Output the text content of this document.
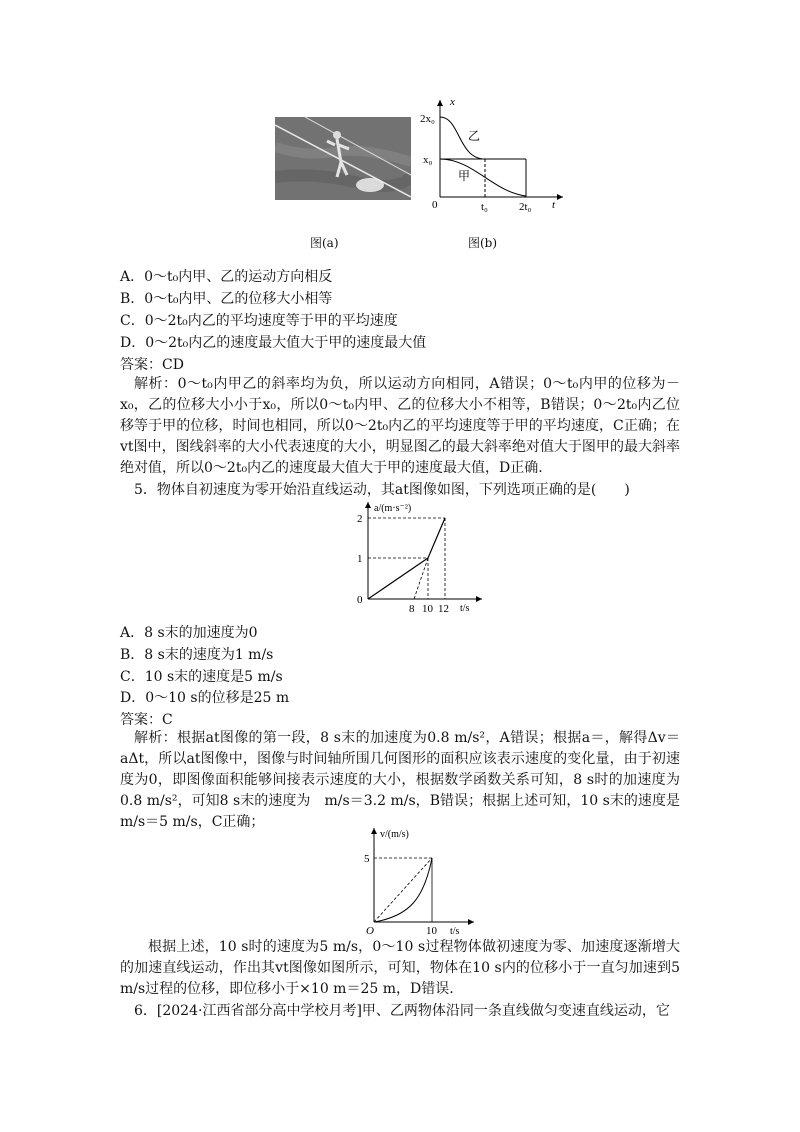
图(a)
x
t
2x₀
x₀
0	t₀	2t₀
乙
甲
图(b)
A．0～t₀内甲、乙的运动方向相反
B．0～t₀内甲、乙的位移大小相等
C．0～2t₀内乙的平均速度等于甲的平均速度
D．0～2t₀内乙的速度最大值大于甲的速度最大值
答案：CD
解析：0～t₀内甲乙的斜率均为负，所以运动方向相同，A错误；0～t₀内甲的位移为－x₀，乙的位移大小小于x₀，所以0～t₀内甲、乙的位移大小不相等，B错误；0～2t₀内乙位移等于甲的位移，时间也相同，所以0～2t₀内乙的平均速度等于甲的平均速度，C正确；在vt图中，图线斜率的大小代表速度的大小，明显图乙的最大斜率绝对值大于图甲的最大斜率绝对值，所以0～2t₀内乙的速度最大值大于甲的速度最大值，D正确.
5．物体自初速度为零开始沿直线运动，其at图像如图，下列选项正确的是(　　)
a/(m·s⁻²)
t/s
2
1
0
8 10 12
A．8 s末的加速度为0
B．8 s末的速度为1 m/s
C．10 s末的速度是5 m/s
D．0～10 s的位移是25 m
答案：C
解析：根据at图像的第一段，8 s末的加速度为0.8 m/s²，A错误；根据a＝，解得Δv＝aΔt，所以at图像中，图像与时间轴所围几何图形的面积应该表示速度的变化量，由于初速度为0，即图像面积能够间接表示速度的大小，根据数学函数关系可知，8 s时的加速度为0.8 m/s²，可知8 s末的速度为　m/s＝3.2 m/s，B错误；根据上述可知，10 s末的速度是　m/s＝5 m/s，C正确；
v/(m/s)
t/s
5
10
O
根据上述，10 s时的速度为5 m/s，0～10 s过程物体做初速度为零、加速度逐渐增大的加速直线运动，作出其vt图像如图所示，可知，物体在10 s内的位移小于一直匀加速到5 m/s过程的位移，即位移小于×10 m＝25 m，D错误.
6．[2024·江西省部分高中学校月考]甲、乙两物体沿同一条直线做匀变速直线运动，它
